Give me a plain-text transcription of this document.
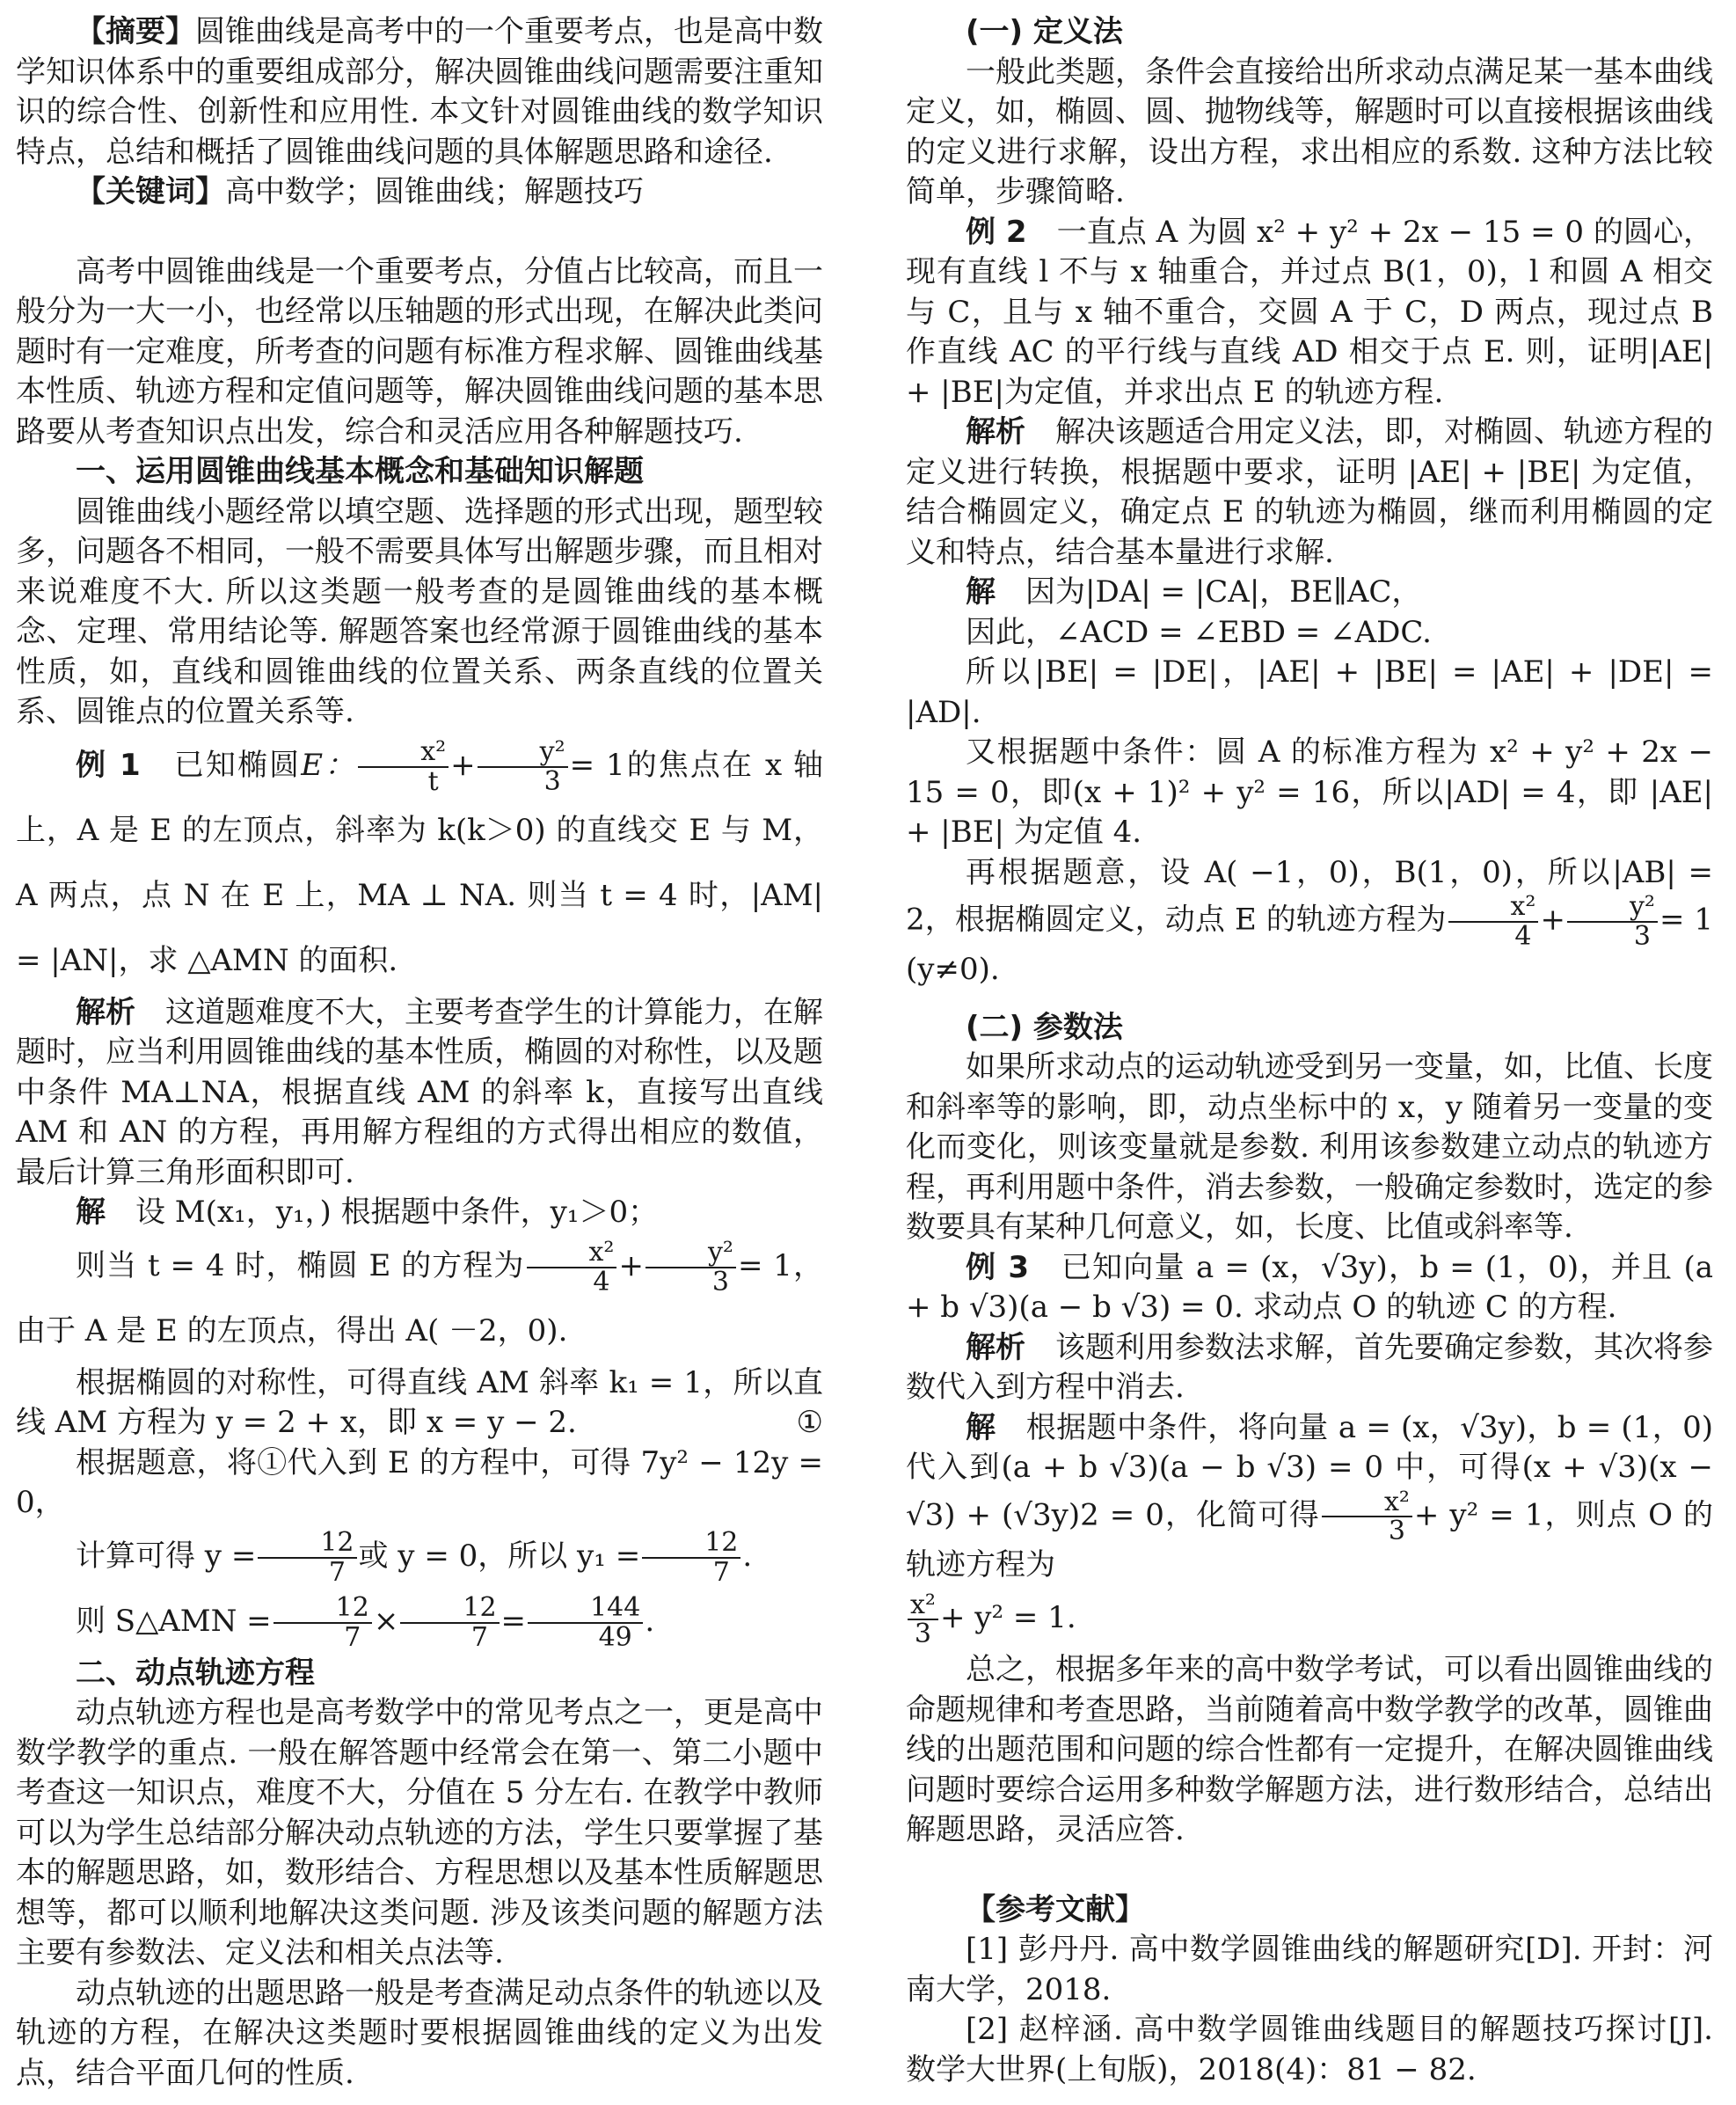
【摘要】圆锥曲线是高考中的一个重要考点，也是高中数学知识体系中的重要组成部分，解决圆锥曲线问题需要注重知识的综合性、创新性和应用性. 本文针对圆锥曲线的数学知识特点，总结和概括了圆锥曲线问题的具体解题思路和途径.

【关键词】高中数学；圆锥曲线；解题技巧

高考中圆锥曲线是一个重要考点，分值占比较高，而且一般分为一大一小，也经常以压轴题的形式出现，在解决此类问题时有一定难度，所考查的问题有标准方程求解、圆锥曲线基本性质、轨迹方程和定值问题等，解决圆锥曲线问题的基本思路要从考查知识点出发，综合和灵活应用各种解题技巧.

一、运用圆锥曲线基本概念和基础知识解题

圆锥曲线小题经常以填空题、选择题的形式出现，题型较多，问题各不相同，一般不需要具体写出解题步骤，而且相对来说难度不大. 所以这类题一般考查的是圆锥曲线的基本概念、定理、常用结论等. 解题答案也经常源于圆锥曲线的基本性质，如，直线和圆锥曲线的位置关系、两条直线的位置关系、圆锥点的位置关系等.

例 1　 已知椭圆E： $\frac{\text{x²}}{t} + \frac{\text{y²}}{3} = 1$的焦点在 x 轴上，A 是 E 的左顶点，斜率为 k(k＞0) 的直线交 E 与 M，A 两点，点 N 在 E 上，MA ⊥ NA. 则当 t = 4 时，|AM| = |AN|，求 △AMN 的面积.

解析　 这道题难度不大，主要考查学生的计算能力，在解题时，应当利用圆锥曲线的基本性质，椭圆的对称性，以及题中条件 MA⊥NA，根据直线 AM 的斜率 k，直接写出直线 AM 和 AN 的方程，再用解方程组的方式得出相应的数值，最后计算三角形面积即可.

解　 设 M(x₁，y₁，) 根据题中条件，y₁＞0；

则当 t = 4 时，椭圆 E 的方程为 $\frac{\text{x²}}{4} + \frac{\text{y²}}{3} = 1$，由于 A 是 E 的左顶点，得出 A( －2，0).

根据椭圆的对称性，可得直线 AM 斜率 k₁ = 1，所以直线 AM 方程为 y = 2 + x，即 x = y − 2.	①

根据题意，将①代入到 E 的方程中，可得 7y² − 12y = 0，

计算可得 $y = \frac{12}{7}$ 或 y = 0，所以 $y_1 = \frac{12}{7}$ .

则 S△AMN = $\frac{12}{7} \times \frac{12}{7} = \frac{144}{49}$ .

二、动点轨迹方程

动点轨迹方程也是高考数学中的常见考点之一，更是高中数学教学的重点. 一般在解答题中经常会在第一、第二小题中考查这一知识点，难度不大，分值在 5 分左右. 在教学中教师可以为学生总结部分解决动点轨迹的方法，学生只要掌握了基本的解题思路，如，数形结合、方程思想以及基本性质解题思想等，都可以顺利地解决这类问题. 涉及该类问题的解题方法主要有参数法、定义法和相关点法等.

动点轨迹的出题思路一般是考查满足动点条件的轨迹以及轨迹的方程，在解决这类题时要根据圆锥曲线的定义为出发点，结合平面几何的性质.

(一) 定义法

一般此类题，条件会直接给出所求动点满足某一基本曲线定义，如，椭圆、圆、抛物线等，解题时可以直接根据该曲线的定义进行求解，设出方程，求出相应的系数. 这种方法比较简单，步骤简略.

例 2　 一直点 A 为圆 x² + y² + 2x − 15 = 0 的圆心，现有直线 l 不与 x 轴重合，并过点 B(1，0)，l 和圆 A 相交与 C，且与 x 轴不重合，交圆 A 于 C，D 两点，现过点 B 作直线 AC 的平行线与直线 AD 相交于点 E. 则，证明|AE| + |BE|为定值，并求出点 E 的轨迹方程.

解析　 解决该题适合用定义法，即，对椭圆、轨迹方程的定义进行转换，根据题中要求，证明 |AE| + |BE| 为定值，结合椭圆定义，确定点 E 的轨迹为椭圆，继而利用椭圆的定义和特点，结合基本量进行求解.

解　 因为|DA| = |CA|，BE∥AC，

因此，∠ACD = ∠EBD = ∠ADC.

所以|BE| = |DE|，|AE| + |BE| = |AE| + |DE| = |AD|.

又根据题中条件：圆 A 的标准方程为 x² + y² + 2x − 15 = 0，即(x + 1)² + y² = 16，所以|AD| = 4，即 |AE| + |BE| 为定值 4.

再根据题意，设 A( −1，0)，B(1，0)，所以|AB| = 2，根据椭圆定义，动点 E 的轨迹方程为 $\frac{\text{x²}}{4} + \frac{\text{y²}}{3} = 1$ (y≠0).

(二) 参数法

如果所求动点的运动轨迹受到另一变量，如，比值、长度和斜率等的影响，即，动点坐标中的 x，y 随着另一变量的变化而变化，则该变量就是参数. 利用该参数建立动点的轨迹方程，再利用题中条件，消去参数，一般确定参数时，选定的参数要具有某种几何意义，如，长度、比值或斜率等.

例 3　 已知向量 a = (x，√3y)，b = (1，0)，并且 (a + b √3)(a − b √3) = 0. 求动点 O 的轨迹 C 的方程.

解析　 该题利用参数法求解，首先要确定参数，其次将参数代入到方程中消去.

解　 根据题中条件，将向量 a = (x，√3y)，b = (1，0) 代入到(a + b √3)(a − b √3) = 0 中，可得(x + √3)(x − √3) + (√3y)2 = 0，化简可得 $\frac{\text{x²}}{3} + y^2 = 1$，则点 O 的轨迹方程为

$\frac{\text{x²}}{3} + y^2 = 1$.

总之，根据多年来的高中数学考试，可以看出圆锥曲线的命题规律和考查思路，当前随着高中数学教学的改革，圆锥曲线的出题范围和问题的综合性都有一定提升，在解决圆锥曲线问题时要综合运用多种数学解题方法，进行数形结合，总结出解题思路，灵活应答.

【参考文献】

[1] 彭丹丹. 高中数学圆锥曲线的解题研究[D]. 开封：河南大学，2018.

[2] 赵梓涵. 高中数学圆锥曲线题目的解题技巧探讨[J]. 数学大世界(上旬版)，2018(4)：81 − 82.
